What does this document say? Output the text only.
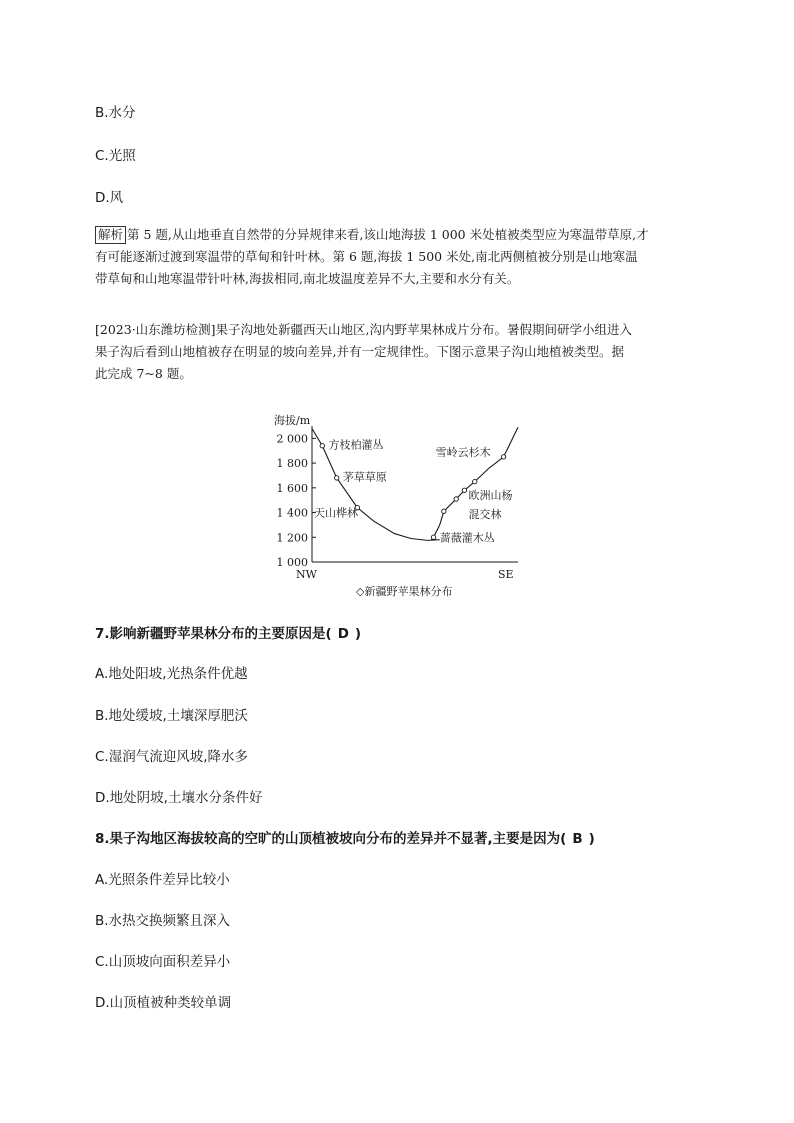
B.水分
C.光照
D.风

解析 第 5 题,从山地垂直自然带的分异规律来看,该山地海拔 1 000 米处植被类型应为寒温带草原,才

有可能逐渐过渡到寒温带的草甸和针叶林。第 6 题,海拔 1 500 米处,南北两侧植被分别是山地寒温

带草甸和山地寒温带针叶林,海拔相同,南北坡温度差异不大,主要和水分有关。

[2023·山东潍坊检测]果子沟地处新疆西天山地区,沟内野苹果林成片分布。暑假期间研学小组进入

果子沟后看到山地植被存在明显的坡向差异,并有一定规律性。下图示意果子沟山地植被类型。据

此完成 7~8 题。

海拔/m
2 000
1 800
1 600
1 400
1 200
1 000
方枝柏灌丛
茅草草原
天山桦林
雪岭云杉木
欧洲山杨
混交林
蔷薇灌木丛
NW	SE
◇新疆野苹果林分布
7.影响新疆野苹果林分布的主要原因是( D )
A.地处阳坡,光热条件优越
B.地处缓坡,土壤深厚肥沃
C.湿润气流迎风坡,降水多
D.地处阴坡,土壤水分条件好
8.果子沟地区海拔较高的空旷的山顶植被坡向分布的差异并不显著,主要是因为( B )
A.光照条件差异比较小
B.水热交换频繁且深入
C.山顶坡向面积差异小
D.山顶植被种类较单调
